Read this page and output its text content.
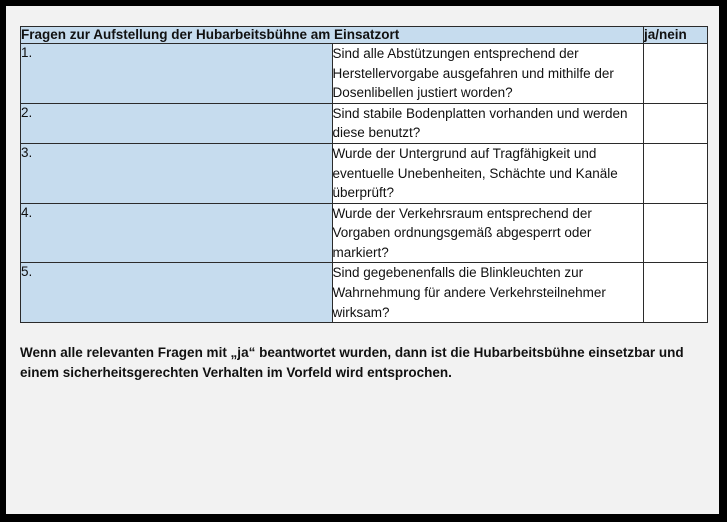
Fragen zur Aufstellung der Hubarbeitsbühne am Einsatzort		ja/nein
1.	Sind alle Abstützungen entsprechend der Herstellervorgabe ausgefahren und mithilfe der Dosenlibellen justiert worden?	
2.	Sind stabile Bodenplatten vorhanden und werden diese benutzt?	
3.	Wurde der Untergrund auf Tragfähigkeit und eventuelle Unebenheiten, Schächte und Kanäle überprüft?	
4.	Wurde der Verkehrsraum entsprechend der Vorgaben ordnungsgemäß abgesperrt oder markiert?	
5.	Sind gegebenenfalls die Blinkleuchten zur Wahrnehmung für andere Verkehrsteilnehmer wirksam?	
Wenn alle relevanten Fragen mit „ja“ beantwortet wurden, dann ist die Hubarbeitsbühne einsetzbar und einem sicherheitsgerechten Verhalten im Vorfeld wird entsprochen.
